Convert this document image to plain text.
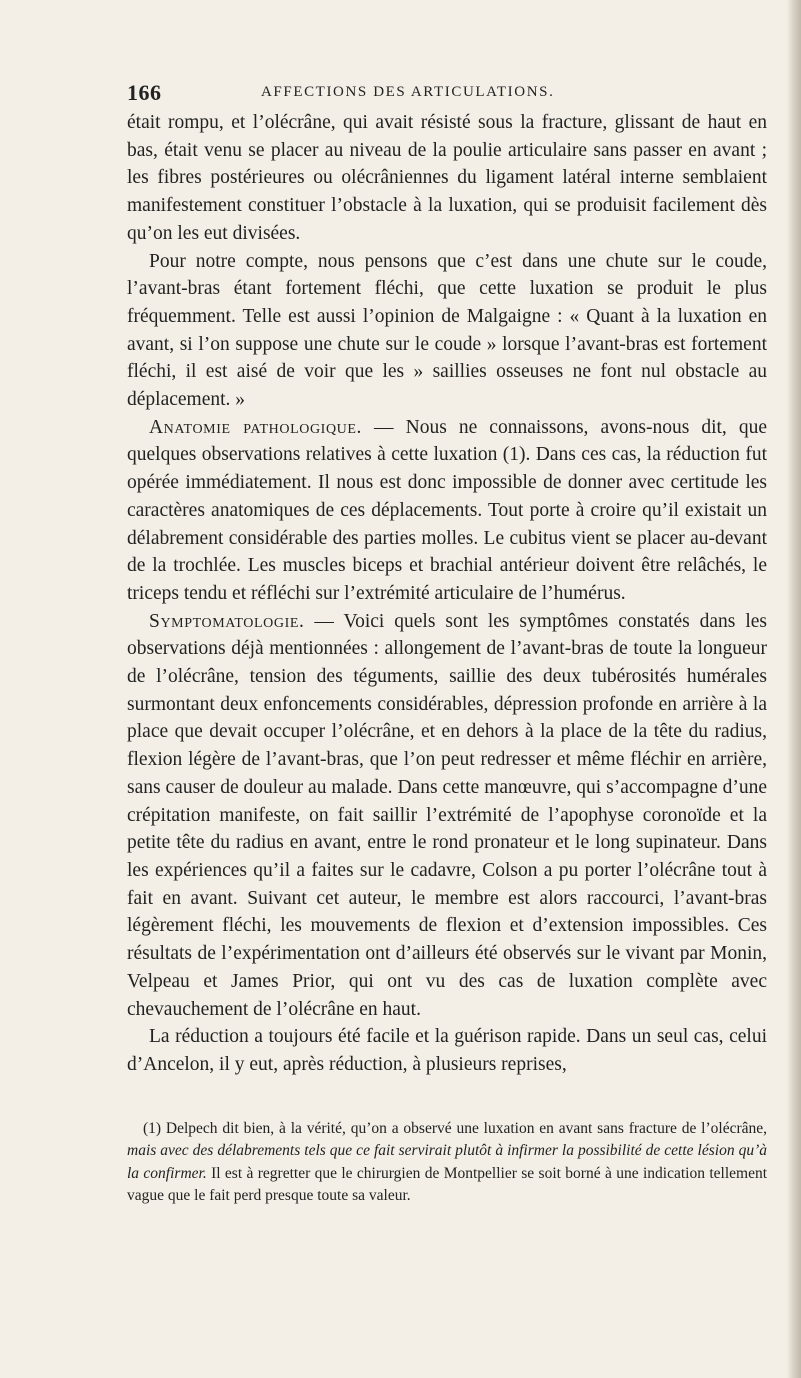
166	AFFECTIONS DES ARTICULATIONS.

était rompu, et l’olécrâne, qui avait résisté sous la fracture, glissant de haut en bas, était venu se placer au niveau de la poulie articulaire sans passer en avant ; les fibres postérieures ou olécrâniennes du ligament latéral interne semblaient manifestement constituer l’obstacle à la luxation, qui se produisit facilement dès qu’on les eut divisées.

Pour notre compte, nous pensons que c’est dans une chute sur le coude, l’avant-bras étant fortement fléchi, que cette luxation se produit le plus fréquemment. Telle est aussi l’opinion de Malgaigne : « Quant à la luxation en avant, si l’on suppose une chute sur le coude » lorsque l’avant-bras est fortement fléchi, il est aisé de voir que les » saillies osseuses ne font nul obstacle au déplacement. »

Anatomie pathologique. — Nous ne connaissons, avons-nous dit, que quelques observations relatives à cette luxation (1). Dans ces cas, la réduction fut opérée immédiatement. Il nous est donc impossible de donner avec certitude les caractères anatomiques de ces déplacements. Tout porte à croire qu’il existait un délabrement considérable des parties molles. Le cubitus vient se placer au-devant de la trochlée. Les muscles biceps et brachial antérieur doivent être relâchés, le triceps tendu et réfléchi sur l’extrémité articulaire de l’humérus.

Symptomatologie. — Voici quels sont les symptômes constatés dans les observations déjà mentionnées : allongement de l’avant-bras de toute la longueur de l’olécrâne, tension des téguments, saillie des deux tubérosités humérales surmontant deux enfoncements considérables, dépression profonde en arrière à la place que devait occuper l’olécrâne, et en dehors à la place de la tête du radius, flexion légère de l’avant-bras, que l’on peut redresser et même fléchir en arrière, sans causer de douleur au malade. Dans cette manœuvre, qui s’accompagne d’une crépitation manifeste, on fait saillir l’extrémité de l’apophyse coronoïde et la petite tête du radius en avant, entre le rond pronateur et le long supinateur. Dans les expériences qu’il a faites sur le cadavre, Colson a pu porter l’olécrâne tout à fait en avant. Suivant cet auteur, le membre est alors raccourci, l’avant-bras légèrement fléchi, les mouvements de flexion et d’extension impossibles. Ces résultats de l’expérimentation ont d’ailleurs été observés sur le vivant par Monin, Velpeau et James Prior, qui ont vu des cas de luxation complète avec chevauchement de l’olécrâne en haut.

La réduction a toujours été facile et la guérison rapide. Dans un seul cas, celui d’Ancelon, il y eut, après réduction, à plusieurs reprises,

(1) Delpech dit bien, à la vérité, qu’on a observé une luxation en avant sans fracture de l’olécrâne, mais avec des délabrements tels que ce fait servirait plutôt à infirmer la possibilité de cette lésion qu’à la confirmer. Il est à regretter que le chirurgien de Montpellier se soit borné à une indication tellement vague que le fait perd presque toute sa valeur.
